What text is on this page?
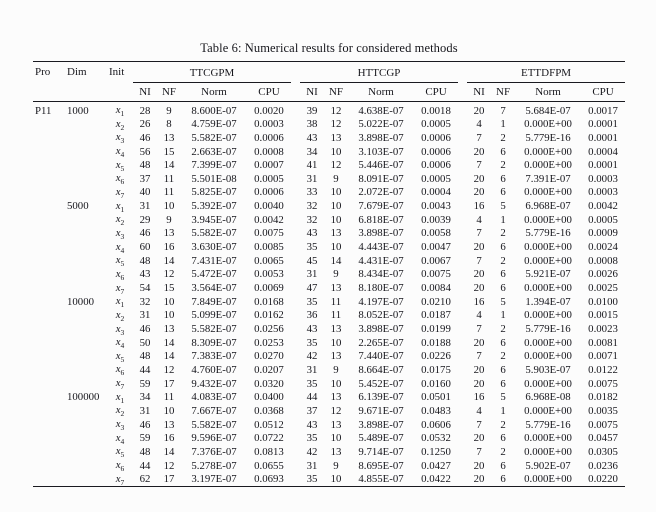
Table 6: Numerical results for considered methods
Pro	Dim	Init	TTCGPM					HTTCGP					ETTDFPM			
			NI	NF	Norm	CPU		NI	NF	Norm	CPU		NI	NF	Norm	CPU
P11	1000	$x_1$	28	9	8.600E-07	0.0020		39	12	4.638E-07	0.0018		20	7	5.684E-07	0.0017
		$x_2$	26	8	4.759E-07	0.0003		38	12	5.022E-07	0.0005		4	1	0.000E+00	0.0001
		$x_3$	46	13	5.582E-07	0.0006		43	13	3.898E-07	0.0006		7	2	5.779E-16	0.0001
		$x_4$	56	15	2.663E-07	0.0008		34	10	3.103E-07	0.0006		20	6	0.000E+00	0.0004
		$x_5$	48	14	7.399E-07	0.0007		41	12	5.446E-07	0.0006		7	2	0.000E+00	0.0001
		$x_6$	37	11	5.501E-08	0.0005		31	9	8.091E-07	0.0005		20	6	7.391E-07	0.0003
		$x_7$	40	11	5.825E-07	0.0006		33	10	2.072E-07	0.0004		20	6	0.000E+00	0.0003
	5000	$x_1$	31	10	5.392E-07	0.0040		32	10	7.679E-07	0.0043		16	5	6.968E-07	0.0042
		$x_2$	29	9	3.945E-07	0.0042		32	10	6.818E-07	0.0039		4	1	0.000E+00	0.0005
		$x_3$	46	13	5.582E-07	0.0075		43	13	3.898E-07	0.0058		7	2	5.779E-16	0.0009
		$x_4$	60	16	3.630E-07	0.0085		35	10	4.443E-07	0.0047		20	6	0.000E+00	0.0024
		$x_5$	48	14	7.431E-07	0.0065		45	14	4.431E-07	0.0067		7	2	0.000E+00	0.0008
		$x_6$	43	12	5.472E-07	0.0053		31	9	8.434E-07	0.0075		20	6	5.921E-07	0.0026
		$x_7$	54	15	3.564E-07	0.0069		47	13	8.180E-07	0.0084		20	6	0.000E+00	0.0025
	10000	$x_1$	32	10	7.849E-07	0.0168		35	11	4.197E-07	0.0210		16	5	1.394E-07	0.0100
		$x_2$	31	10	5.099E-07	0.0162		36	11	8.052E-07	0.0187		4	1	0.000E+00	0.0015
		$x_3$	46	13	5.582E-07	0.0256		43	13	3.898E-07	0.0199		7	2	5.779E-16	0.0023
		$x_4$	50	14	8.309E-07	0.0253		35	10	2.265E-07	0.0188		20	6	0.000E+00	0.0081
		$x_5$	48	14	7.383E-07	0.0270		42	13	7.440E-07	0.0226		7	2	0.000E+00	0.0071
		$x_6$	44	12	4.760E-07	0.0207		31	9	8.664E-07	0.0175		20	6	5.903E-07	0.0122
		$x_7$	59	17	9.432E-07	0.0320		35	10	5.452E-07	0.0160		20	6	0.000E+00	0.0075
	100000	$x_1$	34	11	4.083E-07	0.0400		44	13	6.139E-07	0.0501		16	5	6.968E-08	0.0182
		$x_2$	31	10	7.667E-07	0.0368		37	12	9.671E-07	0.0483		4	1	0.000E+00	0.0035
		$x_3$	46	13	5.582E-07	0.0512		43	13	3.898E-07	0.0606		7	2	5.779E-16	0.0075
		$x_4$	59	16	9.596E-07	0.0722		35	10	5.489E-07	0.0532		20	6	0.000E+00	0.0457
		$x_5$	48	14	7.376E-07	0.0813		42	13	9.714E-07	0.1250		7	2	0.000E+00	0.0305
		$x_6$	44	12	5.278E-07	0.0655		31	9	8.695E-07	0.0427		20	6	5.902E-07	0.0236
		$x_7$	62	17	3.197E-07	0.0693		35	10	4.855E-07	0.0422		20	6	0.000E+00	0.0220
